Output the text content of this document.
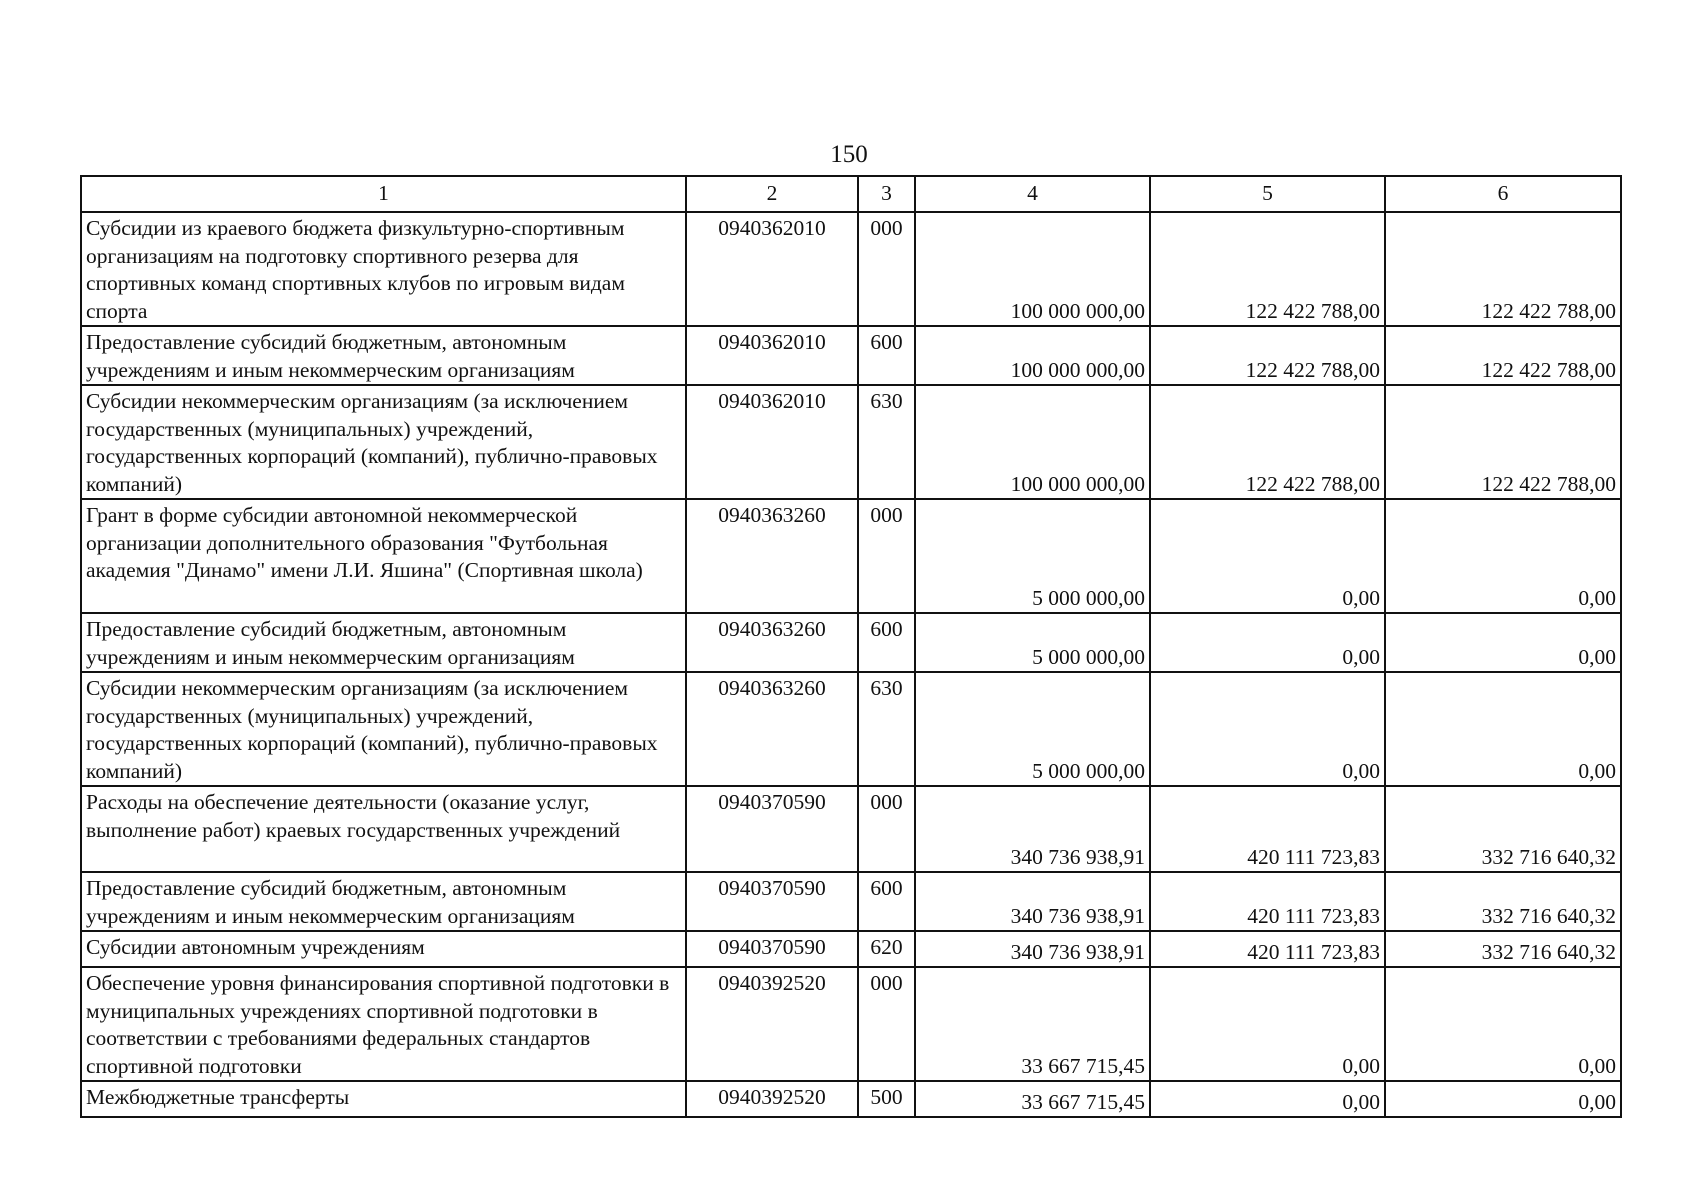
150
1	2	3	4	5	6
Субсидии из краевого бюджета физкультурно-спортивным организациям на подготовку спортивного резерва для спортивных команд спортивных клубов по игровым видам спорта	0940362010	000	100 000 000,00	122 422 788,00	122 422 788,00
Предоставление субсидий бюджетным, автономным учреждениям и иным некоммерческим организациям	0940362010	600	100 000 000,00	122 422 788,00	122 422 788,00
Субсидии некоммерческим организациям (за исключением государственных (муниципальных) учреждений, государственных корпораций (компаний), публично-правовых компаний)	0940362010	630	100 000 000,00	122 422 788,00	122 422 788,00
Грант в форме субсидии автономной некоммерческой организации дополнительного образования "Футбольная академия "Динамо" имени Л.И. Яшина" (Спортивная школа)	0940363260	000	5 000 000,00	0,00	0,00
Предоставление субсидий бюджетным, автономным учреждениям и иным некоммерческим организациям	0940363260	600	5 000 000,00	0,00	0,00
Субсидии некоммерческим организациям (за исключением государственных (муниципальных) учреждений, государственных корпораций (компаний), публично-правовых компаний)	0940363260	630	5 000 000,00	0,00	0,00
Расходы на обеспечение деятельности (оказание услуг, выполнение работ) краевых государственных учреждений	0940370590	000	340 736 938,91	420 111 723,83	332 716 640,32
Предоставление субсидий бюджетным, автономным учреждениям и иным некоммерческим организациям	0940370590	600	340 736 938,91	420 111 723,83	332 716 640,32
Субсидии автономным учреждениям	0940370590	620	340 736 938,91	420 111 723,83	332 716 640,32
Обеспечение уровня финансирования спортивной подготовки в муниципальных учреждениях спортивной подготовки в соответствии с требованиями федеральных стандартов спортивной подготовки	0940392520	000	33 667 715,45	0,00	0,00
Межбюджетные трансферты	0940392520	500	33 667 715,45	0,00	0,00
